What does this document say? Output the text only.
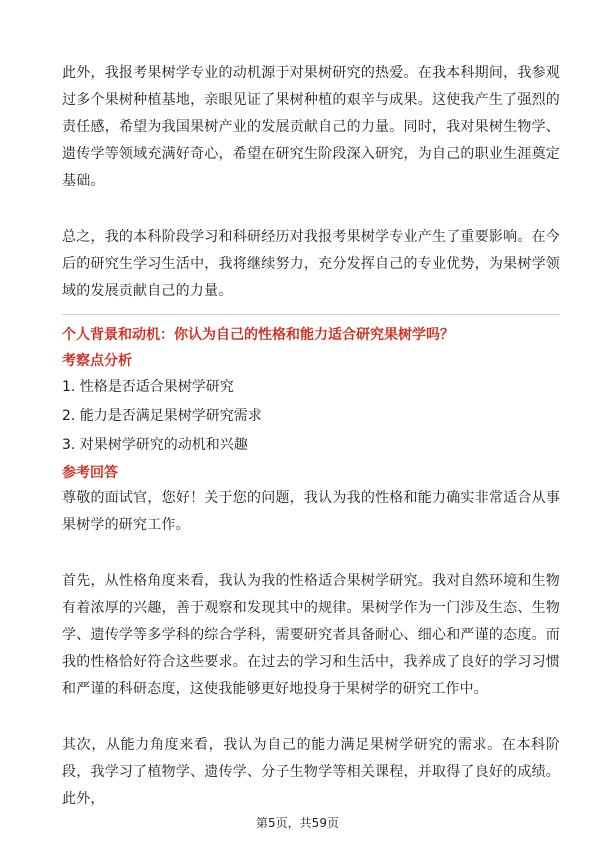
此外，我报考果树学专业的动机源于对果树研究的热爱。在我本科期间，我参观过多个果树种植基地，亲眼见证了果树种植的艰辛与成果。这使我产生了强烈的责任感，希望为我国果树产业的发展贡献自己的力量。同时，我对果树生物学、遗传学等领域充满好奇心，希望在研究生阶段深入研究，为自己的职业生涯奠定基础。

总之，我的本科阶段学习和科研经历对我报考果树学专业产生了重要影响。在今后的研究生学习生活中，我将继续努力，充分发挥自己的专业优势，为果树学领域的发展贡献自己的力量。

个人背景和动机：你认为自己的性格和能力适合研究果树学吗？
考察点分析
1. 性格是否适合果树学研究
2. 能力是否满足果树学研究需求
3. 对果树学研究的动机和兴趣
参考回答

尊敬的面试官，您好！关于您的问题，我认为我的性格和能力确实非常适合从事果树学的研究工作。

首先，从性格角度来看，我认为我的性格适合果树学研究。我对自然环境和生物有着浓厚的兴趣，善于观察和发现其中的规律。果树学作为一门涉及生态、生物学、遗传学等多学科的综合学科，需要研究者具备耐心、细心和严谨的态度。而我的性格恰好符合这些要求。在过去的学习和生活中，我养成了良好的学习习惯和严谨的科研态度，这使我能够更好地投身于果树学的研究工作中。

其次，从能力角度来看，我认为自己的能力满足果树学研究的需求。在本科阶段，我学习了植物学、遗传学、分子生物学等相关课程，并取得了良好的成绩。此外，

第5页，共59页
